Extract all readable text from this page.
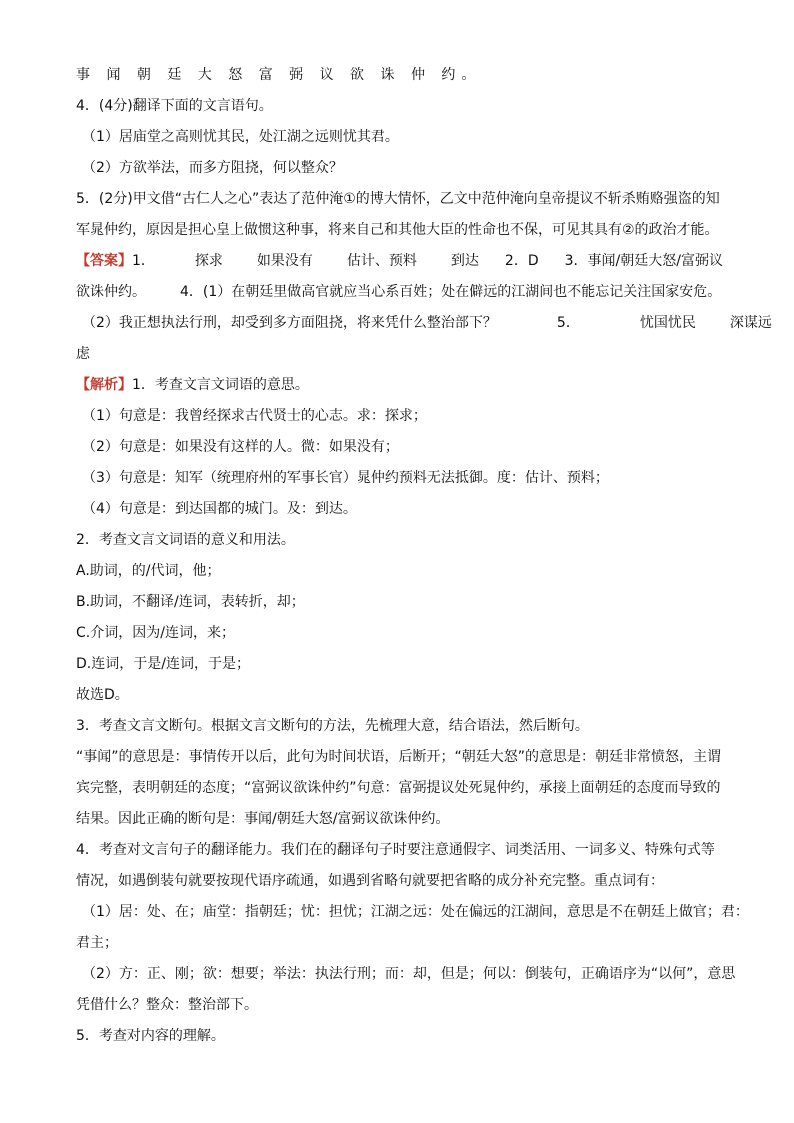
事 闻 朝 廷 大 怒 富 弼 议 欲 诛 仲 约。
4．(4分)翻译下面的文言语句。
（1）居庙堂之高则忧其民，处江湖之远则忧其君。
（2）方欲举法，而多方阻挠，何以整众？
5．(2分)甲文借“古仁人之心”表达了范仲淹①的博大情怀，乙文中范仲淹向皇帝提议不斩杀贿赂强盗的知
军晁仲约，原因是担心皇上做惯这种事，将来自己和其他大臣的性命也不保，可见其具有②的政治才能。
【答案】1．	探求 如果没有 估计、预料 到达 2．D 3．事闻/朝廷大怒/富弼议
欲诛仲约。 4．(1）在朝廷里做高官就应当心系百姓；处在僻远的江湖间也不能忘记关注国家安危。
（2）我正想执法行刑，却受到多方面阻挠，将来凭什么整治部下？	5．	忧国忧民 深谋远
虑
【解析】1．考查文言文词语的意思。
（1）句意是：我曾经探求古代贤士的心志。求：探求；
（2）句意是：如果没有这样的人。微：如果没有；
（3）句意是：知军（统理府州的军事长官）晁仲约预料无法抵御。度：估计、预料；
（4）句意是：到达国都的城门。及：到达。
2．考查文言文词语的意义和用法。
A.助词，的/代词，他；
B.助词，不翻译/连词，表转折，却；
C.介词，因为/连词，来；
D.连词，于是/连词，于是；
故选D。
3．考查文言文断句。根据文言文断句的方法，先梳理大意，结合语法，然后断句。
“事闻”的意思是：事情传开以后，此句为时间状语，后断开；“朝廷大怒”的意思是：朝廷非常愤怒，主谓
宾完整，表明朝廷的态度；“富弼议欲诛仲约”句意：富弼提议处死晁仲约，承接上面朝廷的态度而导致的
结果。因此正确的断句是：事闻/朝廷大怒/富弼议欲诛仲约。
4．考查对文言句子的翻译能力。我们在的翻译句子时要注意通假字、词类活用、一词多义、特殊句式等
情况，如遇倒装句就要按现代语序疏通，如遇到省略句就要把省略的成分补充完整。重点词有：
（1）居：处、在；庙堂：指朝廷；忧：担忧；江湖之远：处在偏远的江湖间，意思是不在朝廷上做官；君：
君主；
（2）方：正、刚；欲：想要；举法：执法行刑；而：却，但是；何以：倒装句，正确语序为“以何”，意思
凭借什么？整众：整治部下。
5．考查对内容的理解。
